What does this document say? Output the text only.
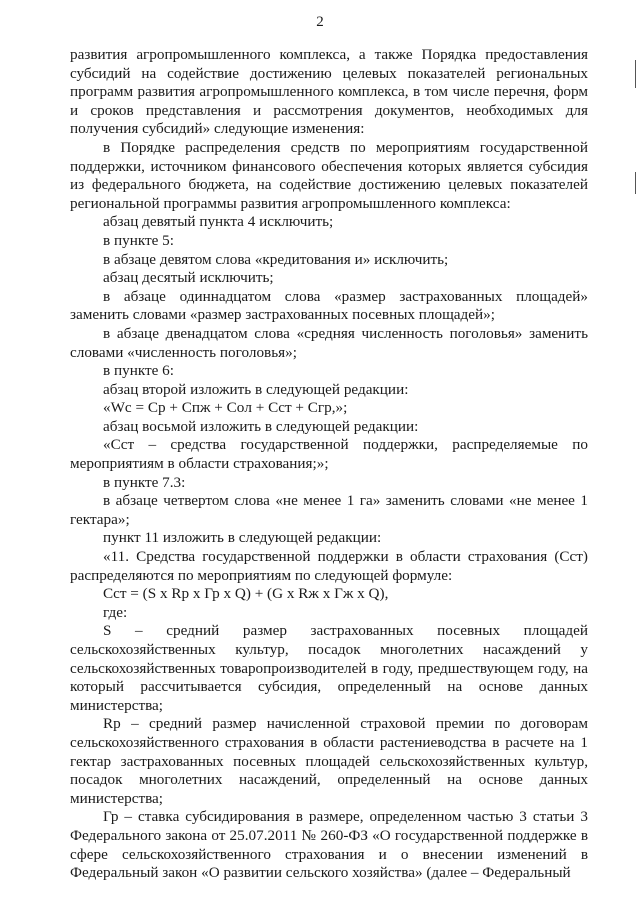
2

развития агропромышленного комплекса, а также Порядка предоставления субсидий на содействие достижению целевых показателей региональных программ развития агропромышленного комплекса, в том числе перечня, форм и сроков представления и рассмотрения документов, необходимых для получения субсидий» следующие изменения:

в Порядке распределения средств по мероприятиям государственной поддержки, источником финансового обеспечения которых является субсидия из федерального бюджета, на содействие достижению целевых показателей региональной программы развития агропромышленного комплекса:

абзац девятый пункта 4 исключить;

в пункте 5:

в абзаце девятом слова «кредитования и» исключить;

абзац десятый исключить;

в абзаце одиннадцатом слова «размер застрахованных площадей» заменить словами «размер застрахованных посевных площадей»;

в абзаце двенадцатом слова «средняя численность поголовья» заменить словами «численность поголовья»;

в пункте 6:

абзац второй изложить в следующей редакции:

«Wc = Cp + Cпж + Coл + Cст + Cгр,»;

абзац восьмой изложить в следующей редакции:

«Cст – средства государственной поддержки, распределяемые по мероприятиям в области страхования;»;

в пункте 7.3:

в абзаце четвертом слова «не менее 1 га» заменить словами «не менее 1 гектара»;

пункт 11 изложить в следующей редакции:

«11. Средства государственной поддержки в области страхования (Cст) распределяются по мероприятиям по следующей формуле:

Cст = (S x Rp x Гр x Q) + (G x Rж x Гж x Q),

где:

S – средний размер застрахованных посевных площадей сельскохозяйственных культур, посадок многолетних насаждений у сельскохозяйственных товаропроизводителей в году, предшествующем году, на который рассчитывается субсидия, определенный на основе данных министерства;

Rp – средний размер начисленной страховой премии по договорам сельскохозяйственного страхования в области растениеводства в расчете на 1 гектар застрахованных посевных площадей сельскохозяйственных культур, посадок многолетних насаждений, определенный на основе данных министерства;

Гр – ставка субсидирования в размере, определенном частью 3 статьи 3 Федерального закона от 25.07.2011 № 260-ФЗ «О государственной поддержке в сфере сельскохозяйственного страхования и о внесении изменений в Федеральный закон «О развитии сельского хозяйства» (далее – Федеральный
